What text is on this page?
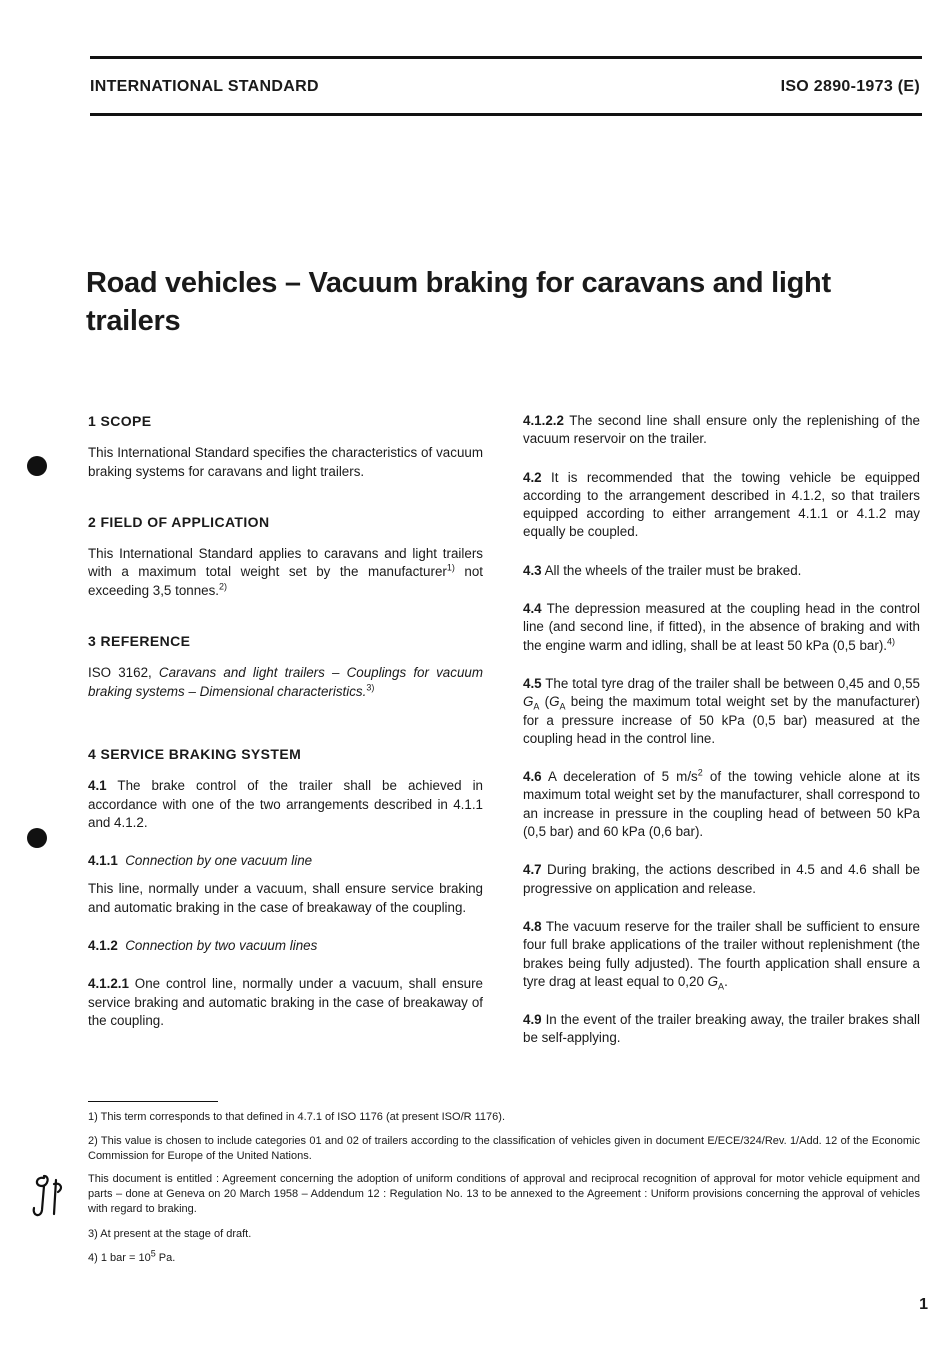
INTERNATIONAL STANDARD	ISO 2890-1973 (E)
Road vehicles – Vacuum braking for caravans and light trailers
1 SCOPE

This International Standard specifies the characteristics of vacuum braking systems for caravans and light trailers.

2 FIELD OF APPLICATION

This International Standard applies to caravans and light trailers with a maximum total weight set by the manufacturer$^{1)}$ not exceeding 3,5 tonnes.$^{2)}$

3 REFERENCE

ISO 3162, Caravans and light trailers – Couplings for vacuum braking systems – Dimensional characteristics.$^{3)}$

4 SERVICE BRAKING SYSTEM

4.1 The brake control of the trailer shall be achieved in accordance with one of the two arrangements described in 4.1.1 and 4.1.2.

4.1.1 Connection by one vacuum line

This line, normally under a vacuum, shall ensure service braking and automatic braking in the case of breakaway of the coupling.

4.1.2 Connection by two vacuum lines

4.1.2.1 One control line, normally under a vacuum, shall ensure service braking and automatic braking in the case of breakaway of the coupling.

4.1.2.2 The second line shall ensure only the replenishing of the vacuum reservoir on the trailer.

4.2 It is recommended that the towing vehicle be equipped according to the arrangement described in 4.1.2, so that trailers equipped according to either arrangement 4.1.1 or 4.1.2 may equally be coupled.

4.3 All the wheels of the trailer must be braked.

4.4 The depression measured at the coupling head in the control line (and second line, if fitted), in the absence of braking and with the engine warm and idling, shall be at least 50 kPa (0,5 bar).$^{4)}$

4.5 The total tyre drag of the trailer shall be between 0,45 and 0,55 $G_A$ ($G_A$ being the maximum total weight set by the manufacturer) for a pressure increase of 50 kPa (0,5 bar) measured at the coupling head in the control line.

4.6 A deceleration of 5 $m/s^2$ of the towing vehicle alone at its maximum total weight set by the manufacturer, shall correspond to an increase in pressure in the coupling head of between 50 kPa (0,5 bar) and 60 kPa (0,6 bar).

4.7 During braking, the actions described in 4.5 and 4.6 shall be progressive on application and release.

4.8 The vacuum reserve for the trailer shall be sufficient to ensure four full brake applications of the trailer without replenishment (the brakes being fully adjusted). The fourth application shall ensure a tyre drag at least equal to 0,20 $G_A$.

4.9 In the event of the trailer breaking away, the trailer brakes shall be self-applying.

1) This term corresponds to that defined in 4.7.1 of ISO 1176 (at present ISO/R 1176).
2) This value is chosen to include categories 01 and 02 of trailers according to the classification of vehicles given in document E/ECE/324/Rev. 1/Add. 12 of the Economic Commission for Europe of the United Nations.
This document is entitled : Agreement concerning the adoption of uniform conditions of approval and reciprocal recognition of approval for motor vehicle equipment and parts – done at Geneva on 20 March 1958 – Addendum 12 : Regulation No. 13 to be annexed to the Agreement : Uniform provisions concerning the approval of vehicles with regard to braking.
3) At present at the stage of draft.
4) 1 bar = $10^5$ Pa.
1
